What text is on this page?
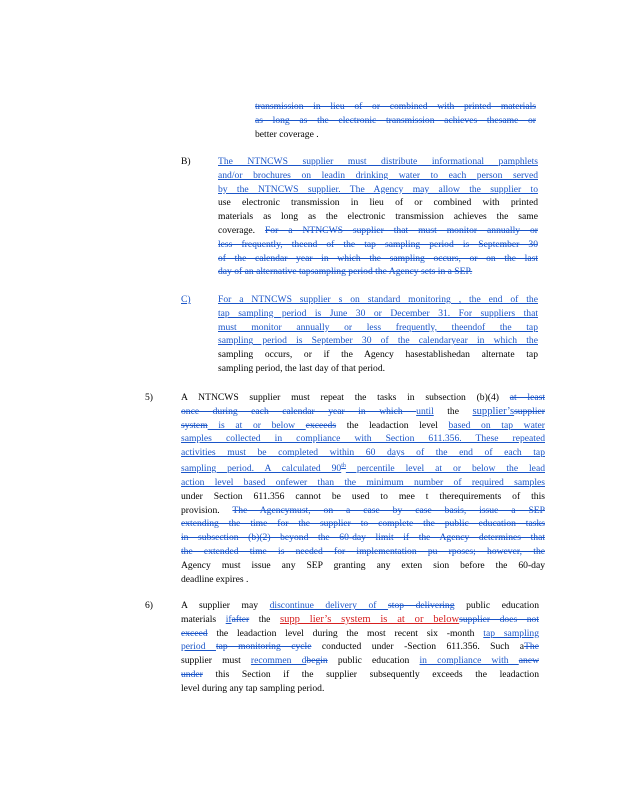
transmission in lieu of or combined with printed materials
as long as the electronic transmission achieves thesame or
better coverage .
B)	The NTNCWS supplier must distribute informational pamphlets
and/or brochures on leadin drinking water to each person served
by the NTNCWS supplier. The Agency may allow the supplier to
use electronic transmission in lieu of or combined with printed
materials as long as the electronic transmission achieves the same
coverage. For a NTNCWS supplier that must monitor annually or
less frequently, theend of the tap sampling period is September 30
of the calendar year in which the sampling occurs, or on the last
day of an alternative tapsampling period the Agency sets in a SEP.
C)	For a NTNCWS supplier s on standard monitoring , the end of the
tap sampling period is June 30 or December 31. For suppliers that
must monitor annually or less frequently, theendof the tap
sampling period is September 30 of the calendaryear in which the
sampling occurs, or if the Agency hasestablishedan alternate tap
sampling period, the last day of that period.
5)	A NTNCWS supplier must repeat the tasks in subsection (b)(4) at least
once during each calendar year in which until the supplier’ssupplier
system is at or below exceeds the leadaction level based on tap water
samples collected in compliance with Section 611.356. These repeated
activities must be completed within 60 days of the end of each tap
sampling period. A calculated 90th percentile level at or below the lead
action level based onfewer than the minimum number of required samples
under Section 611.356 cannot be used to mee t therequirements of this
provision. The Agencymust, on a case by case basis, issue a SEP
extending the time for the supplier to complete the public education tasks
in subsection (b)(2) beyond the 60-day limit if the Agency determines that
the extended time is needed for implementation pu rposes; however, the
Agency must issue any SEP granting any exten sion before the 60-day
deadline expires .
6)	A supplier may discontinue delivery of stop delivering public education
materials ifafter the supp lier’s system is at or belowsupplier does not
exceed the leadaction level during the most recent six -month tap sampling
period tap monitoring cycle conducted under -Section 611.356. Such aThe
supplier must recommen dbegin public education in compliance with anew
under this Section if the supplier subsequently exceeds the leadaction
level during any tap sampling period.
